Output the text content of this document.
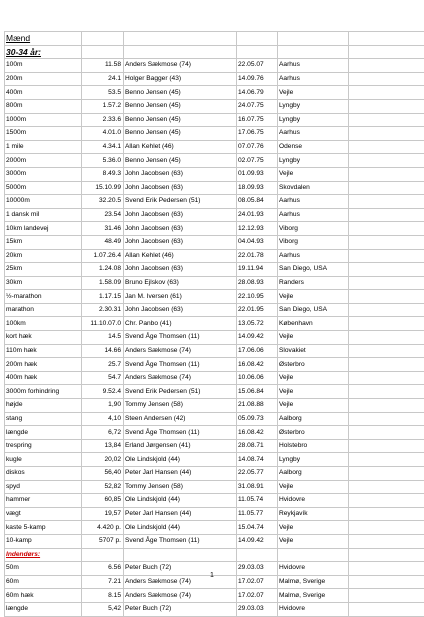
Mænd					
30-34 år:					
100m	11.58	Anders Sækmose (74)	22.05.07	Aarhus	
200m	24.1	Holger Bagger (43)	14.09.76	Aarhus	
400m	53.5	Benno Jensen (45)	14.06.79	Vejle	
800m	1.57.2	Benno Jensen (45)	24.07.75	Lyngby	
1000m	2.33.6	Benno Jensen (45)	16.07.75	Lyngby	
1500m	4.01.0	Benno Jensen (45)	17.06.75	Aarhus	
1 mile	4.34.1	Allan Kehlet (46)	07.07.76	Odense	
2000m	5.36.0	Benno Jensen (45)	02.07.75	Lyngby	
3000m	8.49.3	John Jacobsen (63)	01.09.93	Vejle	
5000m	15.10.99	John Jacobsen (63)	18.09.93	Skovdalen	
10000m	32.20.5	Svend Erik Pedersen (51)	08.05.84	Aarhus	
1 dansk mil	23.54	John Jacobsen (63)	24.01.93	Aarhus	
10km landevej	31.46	John Jacobsen (63)	12.12.93	Viborg	
15km	48.49	John Jacobsen (63)	04.04.93	Viborg	
20km	1.07.26.4	Allan Kehlet (46)	22.01.78	Aarhus	
25km	1.24.08	John Jacobsen (63)	19.11.94	San Diego, USA	
30km	1.58.09	Bruno Ejlskov (63)	28.08.93	Randers	
½-marathon	1.17.15	Jan M. Iversen (61)	22.10.95	Vejle	
marathon	2.30.31	John Jacobsen (63)	22.01.95	San Diego, USA	
100km	11.10.07.0	Chr. Panbo (41)	13.05.72	København	
kort hæk	14.5	Svend Åge Thomsen (11)	14.09.42	Vejle	
110m hæk	14.66	Anders Sækmose (74)	17.06.06	Slovakiet	
200m hæk	25.7	Svend Åge Thomsen (11)	16.08.42	Østerbro	
400m hæk	54.7	Anders Sækmose (74)	10.06.06	Vejle	
3000m forhindring	9.52.4	Svend Erik Pedersen (51)	15.06.84	Vejle	
højde	1,90	Tommy Jensen (58)	21.08.88	Vejle	
stang	4,10	Steen Andersen (42)	05.09.73	Aalborg	
længde	6,72	Svend Åge Thomsen (11)	16.08.42	Østerbro	
trespring	13,84	Erland Jørgensen (41)	28.08.71	Holstebro	
kugle	20,02	Ole Lindskjold (44)	14.08.74	Lyngby	
diskos	56,40	Peter Jarl Hansen (44)	22.05.77	Aalborg	
spyd	52,82	Tommy Jensen (58)	31.08.91	Vejle	
hammer	60,85	Ole Lindskjold (44)	11.05.74	Hvidovre	
vægt	19,57	Peter Jarl Hansen (44)	11.05.77	Reykjavík	
kaste 5-kamp	4.420 p.	Ole Lindskjold (44)	15.04.74	Vejle	
10-kamp	5707 p.	Svend Åge Thomsen (11)	14.09.42	Vejle	
Indendørs:					
50m	6.56	Peter Buch (72)	29.03.03	Hvidovre	
60m	7.21	Anders Sækmose (74)	17.02.07	Malmø, Sverige	
60m hæk	8.15	Anders Sækmose (74)	17.02.07	Malmø, Sverige	
længde	5,42	Peter Buch (72)	29.03.03	Hvidovre	
1
